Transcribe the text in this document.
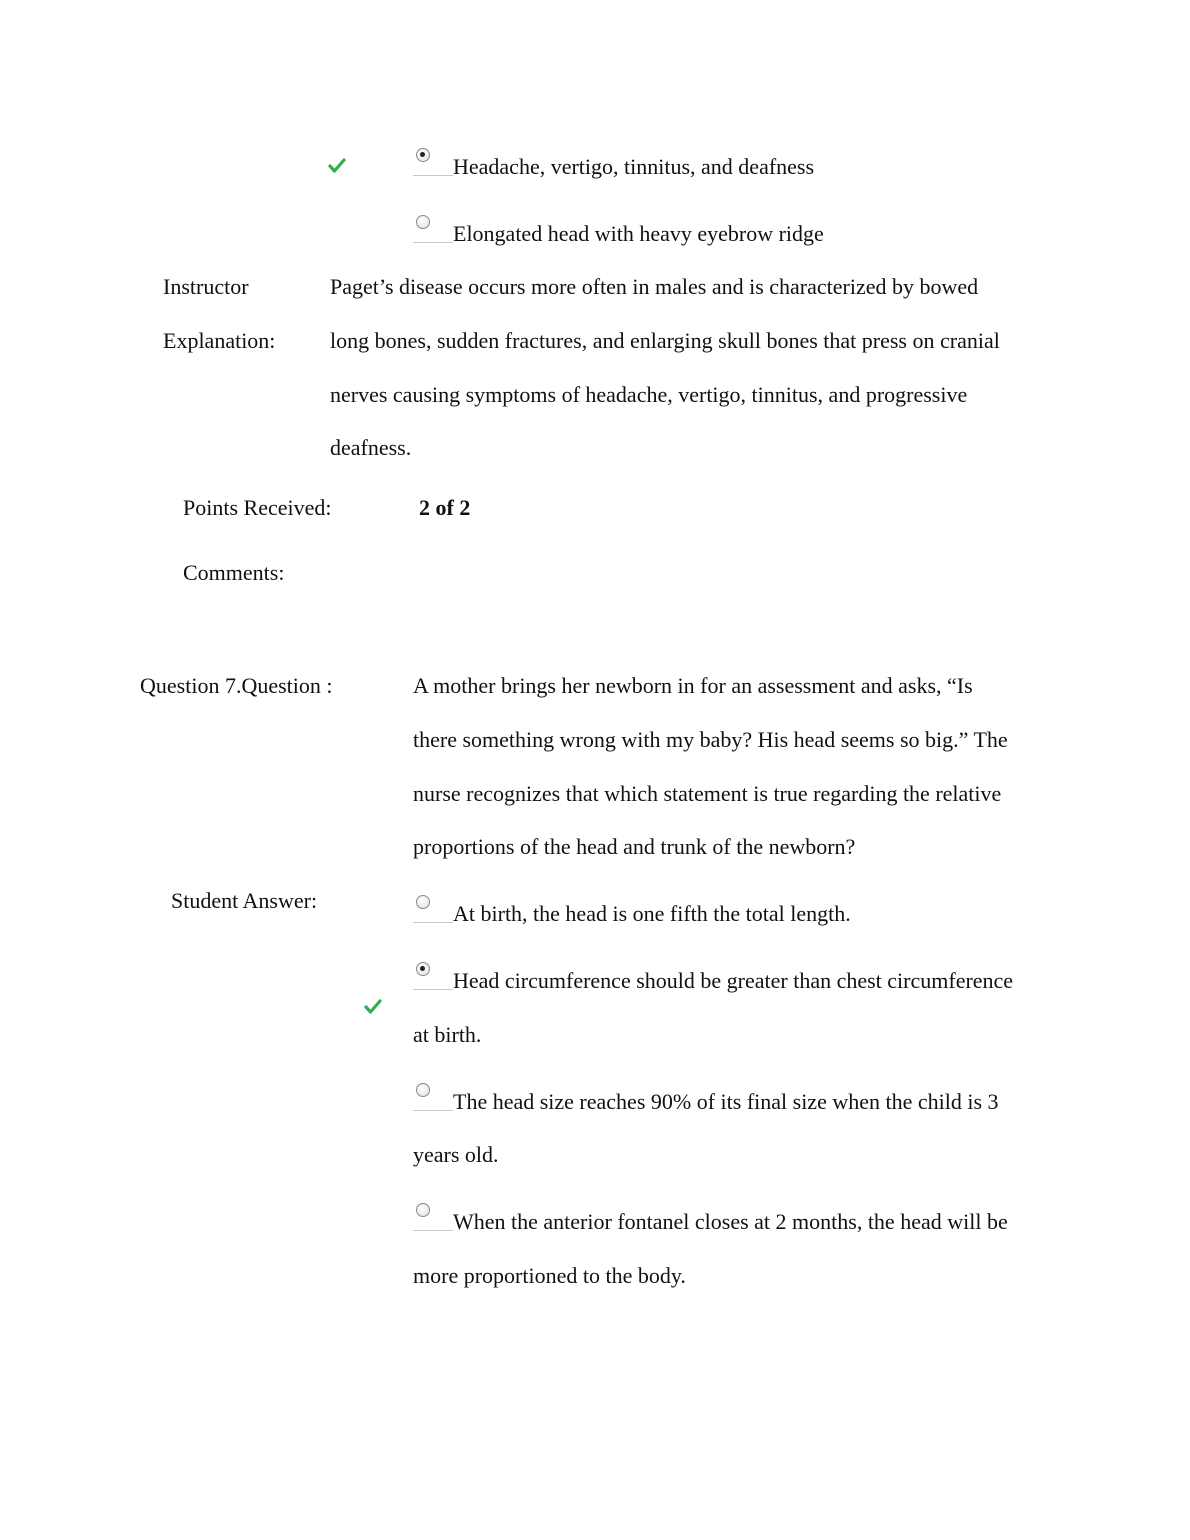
Headache, vertigo, tinnitus, and deafness
Elongated head with heavy eyebrow ridge
Instructor
Explanation:
Paget’s disease occurs more often in males and is characterized by bowed
long bones, sudden fractures, and enlarging skull bones that press on cranial
nerves causing symptoms of headache, vertigo, tinnitus, and progressive
deafness.
Points Received:	2 of 2
Comments:
Question 7.Question :	A mother brings her newborn in for an assessment and asks, “Is
there something wrong with my baby? His head seems so big.” The
nurse recognizes that which statement is true regarding the relative
proportions of the head and trunk of the newborn?
Student Answer:
At birth, the head is one fifth the total length.
Head circumference should be greater than chest circumference
at birth.
The head size reaches 90% of its final size when the child is 3
years old.
When the anterior fontanel closes at 2 months, the head will be
more proportioned to the body.
